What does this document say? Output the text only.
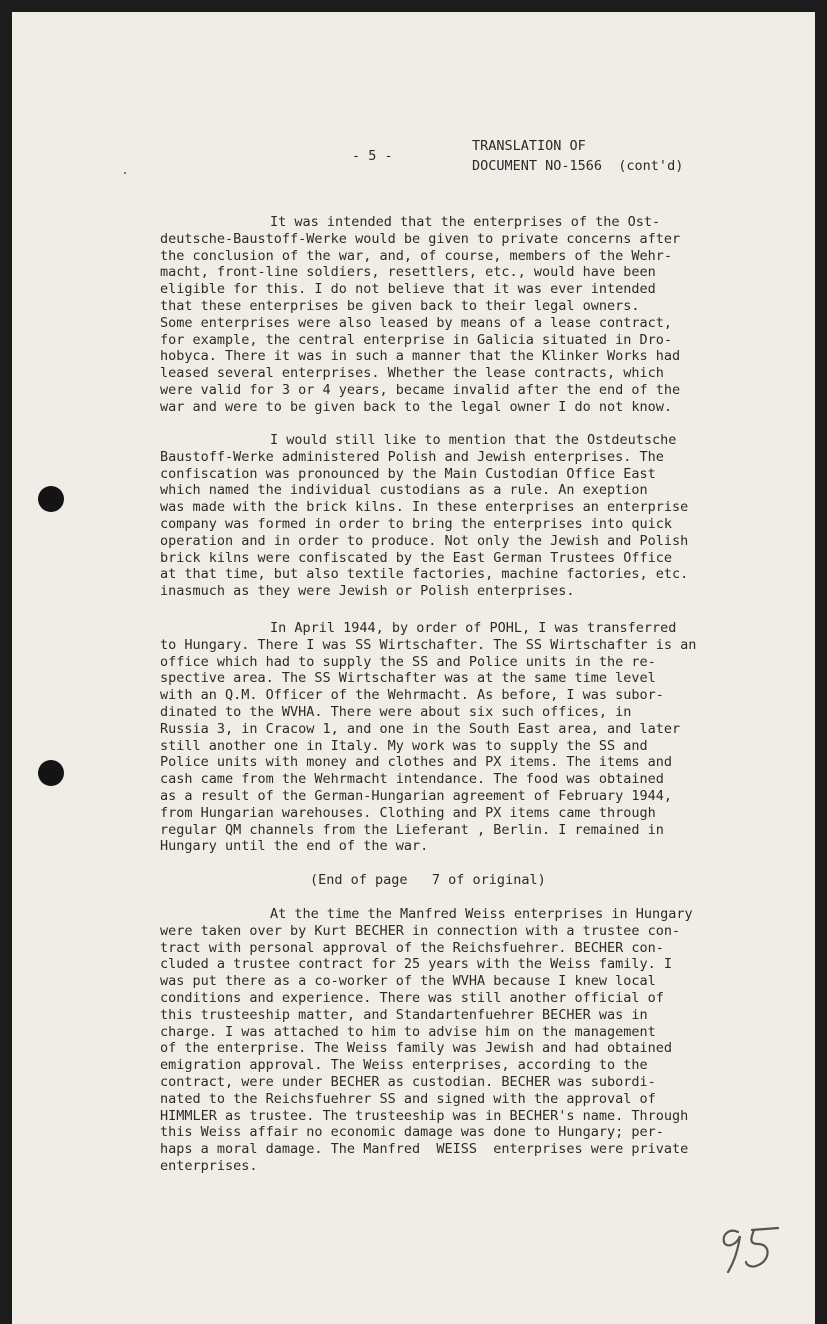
- 5 -
TRANSLATION OF
DOCUMENT NO-1566  (cont'd)
It was intended that the enterprises of the Ost-
deutsche-Baustoff-Werke would be given to private concerns after
the conclusion of the war, and, of course, members of the Wehr-
macht, front-line soldiers, resettlers, etc., would have been
eligible for this. I do not believe that it was ever intended
that these enterprises be given back to their legal owners.
Some enterprises were also leased by means of a lease contract,
for example, the central enterprise in Galicia situated in Dro-
hobyca. There it was in such a manner that the Klinker Works had
leased several enterprises. Whether the lease contracts, which
were valid for 3 or 4 years, became invalid after the end of the
war and were to be given back to the legal owner I do not know.
I would still like to mention that the Ostdeutsche
Baustoff-Werke administered Polish and Jewish enterprises. The
confiscation was pronounced by the Main Custodian Office East
which named the individual custodians as a rule. An exeption
was made with the brick kilns. In these enterprises an enterprise
company was formed in order to bring the enterprises into quick
operation and in order to produce. Not only the Jewish and Polish
brick kilns were confiscated by the East German Trustees Office
at that time, but also textile factories, machine factories, etc.
inasmuch as they were Jewish or Polish enterprises.
In April 1944, by order of POHL, I was transferred
to Hungary. There I was SS Wirtschafter. The SS Wirtschafter is an
office which had to supply the SS and Police units in the re-
spective area. The SS Wirtschafter was at the same time level
with an Q.M. Officer of the Wehrmacht. As before, I was subor-
dinated to the WVHA. There were about six such offices, in
Russia 3, in Cracow 1, and one in the South East area, and later
still another one in Italy. My work was to supply the SS and
Police units with money and clothes and PX items. The items and
cash came from the Wehrmacht intendance. The food was obtained
as a result of the German-Hungarian agreement of February 1944,
from Hungarian warehouses. Clothing and PX items came through
regular QM channels from the Lieferant , Berlin. I remained in
Hungary until the end of the war.
(End of page   7 of original)
At the time the Manfred Weiss enterprises in Hungary
were taken over by Kurt BECHER in connection with a trustee con-
tract with personal approval of the Reichsfuehrer. BECHER con-
cluded a trustee contract for 25 years with the Weiss family. I
was put there as a co-worker of the WVHA because I knew local
conditions and experience. There was still another official of
this trusteeship matter, and Standartenfuehrer BECHER was in
charge. I was attached to him to advise him on the management
of the enterprise. The Weiss family was Jewish and had obtained
emigration approval. The Weiss enterprises, according to the
contract, were under BECHER as custodian. BECHER was subordi-
nated to the Reichsfuehrer SS and signed with the approval of
HIMMLER as trustee. The trusteeship was in BECHER's name. Through
this Weiss affair no economic damage was done to Hungary; per-
haps a moral damage. The Manfred  WEISS  enterprises were private
enterprises.
